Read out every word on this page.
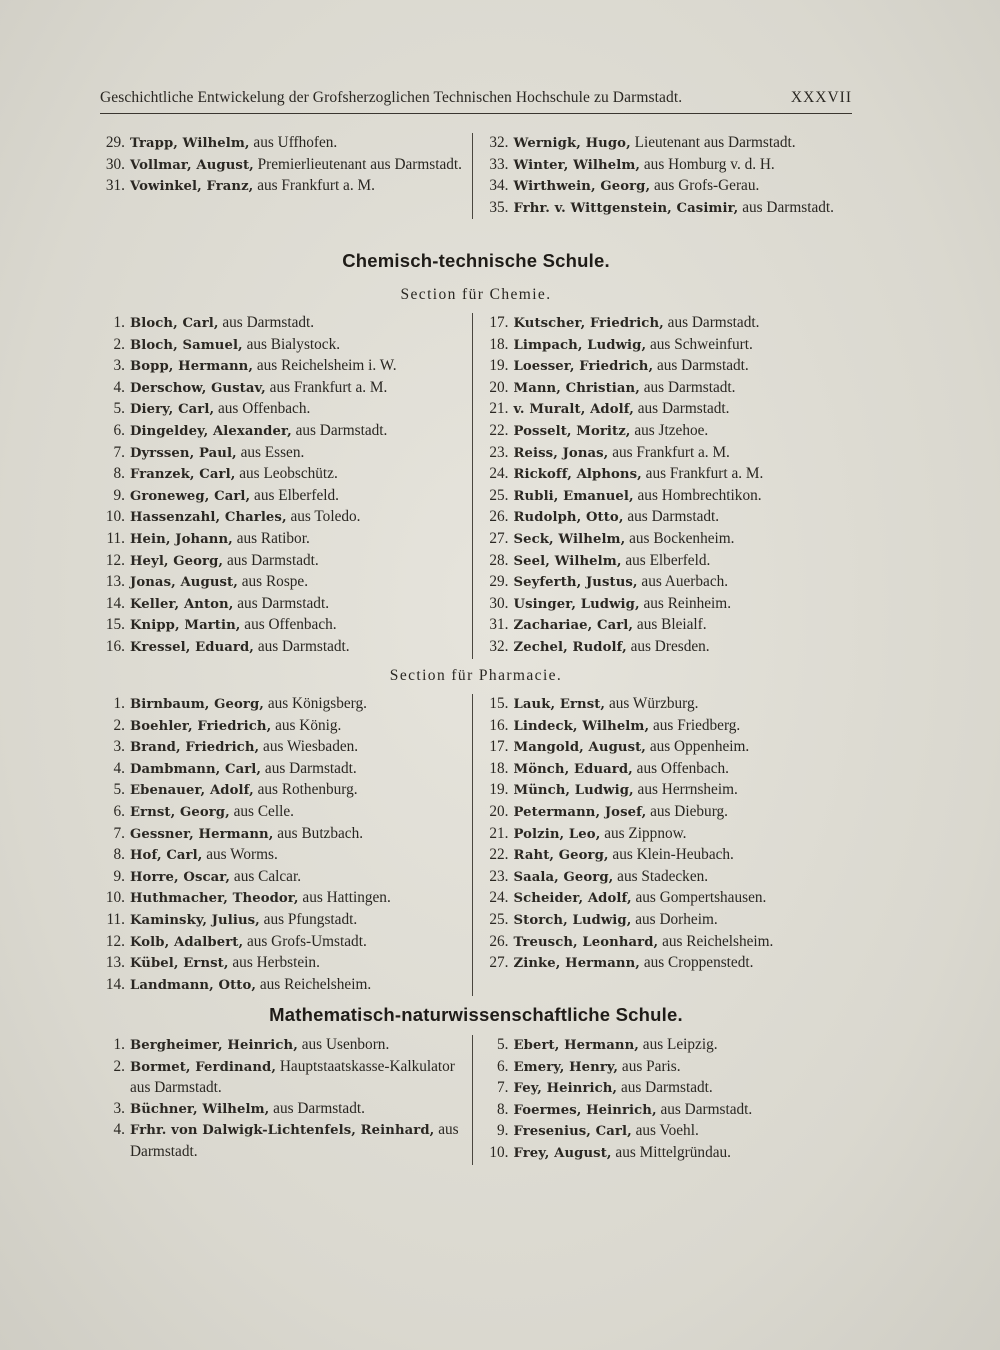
Geschichtliche Entwickelung der Grofsherzoglichen Technischen Hochschule zu Darmstadt.	XXXVII
29. Trapp, Wilhelm, aus Uffhofen.
30. Vollmar, August, Premierlieutenant aus Darmstadt.
31. Vowinkel, Franz, aus Frankfurt a. M.
32. Wernigk, Hugo, Lieutenant aus Darmstadt.
33. Winter, Wilhelm, aus Homburg v. d. H.
34. Wirthwein, Georg, aus Grofs-Gerau.
35. Frhr. v. Wittgenstein, Casimir, aus Darmstadt.
Chemisch-technische Schule.
Section für Chemie.
1. Bloch, Carl, aus Darmstadt.
2. Bloch, Samuel, aus Bialystock.
3. Bopp, Hermann, aus Reichelsheim i. W.
4. Derschow, Gustav, aus Frankfurt a. M.
5. Diery, Carl, aus Offenbach.
6. Dingeldey, Alexander, aus Darmstadt.
7. Dyrssen, Paul, aus Essen.
8. Franzek, Carl, aus Leobschütz.
9. Groneweg, Carl, aus Elberfeld.
10. Hassenzahl, Charles, aus Toledo.
11. Hein, Johann, aus Ratibor.
12. Heyl, Georg, aus Darmstadt.
13. Jonas, August, aus Rospe.
14. Keller, Anton, aus Darmstadt.
15. Knipp, Martin, aus Offenbach.
16. Kressel, Eduard, aus Darmstadt.
17. Kutscher, Friedrich, aus Darmstadt.
18. Limpach, Ludwig, aus Schweinfurt.
19. Loesser, Friedrich, aus Darmstadt.
20. Mann, Christian, aus Darmstadt.
21. v. Muralt, Adolf, aus Darmstadt.
22. Posselt, Moritz, aus Jtzehoe.
23. Reiss, Jonas, aus Frankfurt a. M.
24. Rickoff, Alphons, aus Frankfurt a. M.
25. Rubli, Emanuel, aus Hombrechtikon.
26. Rudolph, Otto, aus Darmstadt.
27. Seck, Wilhelm, aus Bockenheim.
28. Seel, Wilhelm, aus Elberfeld.
29. Seyferth, Justus, aus Auerbach.
30. Usinger, Ludwig, aus Reinheim.
31. Zachariae, Carl, aus Bleialf.
32. Zechel, Rudolf, aus Dresden.
Section für Pharmacie.
1. Birnbaum, Georg, aus Königsberg.
2. Boehler, Friedrich, aus König.
3. Brand, Friedrich, aus Wiesbaden.
4. Dambmann, Carl, aus Darmstadt.
5. Ebenauer, Adolf, aus Rothenburg.
6. Ernst, Georg, aus Celle.
7. Gessner, Hermann, aus Butzbach.
8. Hof, Carl, aus Worms.
9. Horre, Oscar, aus Calcar.
10. Huthmacher, Theodor, aus Hattingen.
11. Kaminsky, Julius, aus Pfungstadt.
12. Kolb, Adalbert, aus Grofs-Umstadt.
13. Kübel, Ernst, aus Herbstein.
14. Landmann, Otto, aus Reichelsheim.
15. Lauk, Ernst, aus Würzburg.
16. Lindeck, Wilhelm, aus Friedberg.
17. Mangold, August, aus Oppenheim.
18. Mönch, Eduard, aus Offenbach.
19. Münch, Ludwig, aus Herrnsheim.
20. Petermann, Josef, aus Dieburg.
21. Polzin, Leo, aus Zippnow.
22. Raht, Georg, aus Klein-Heubach.
23. Saala, Georg, aus Stadecken.
24. Scheider, Adolf, aus Gompertshausen.
25. Storch, Ludwig, aus Dorheim.
26. Treusch, Leonhard, aus Reichelsheim.
27. Zinke, Hermann, aus Croppenstedt.
Mathematisch-naturwissenschaftliche Schule.
1. Bergheimer, Heinrich, aus Usenborn.
2. Bormet, Ferdinand, Hauptstaatskasse-Kalkulator aus Darmstadt.
3. Büchner, Wilhelm, aus Darmstadt.
4. Frhr. von Dalwigk-Lichtenfels, Reinhard, aus Darmstadt.
5. Ebert, Hermann, aus Leipzig.
6. Emery, Henry, aus Paris.
7. Fey, Heinrich, aus Darmstadt.
8. Foermes, Heinrich, aus Darmstadt.
9. Fresenius, Carl, aus Voehl.
10. Frey, August, aus Mittelgründau.
